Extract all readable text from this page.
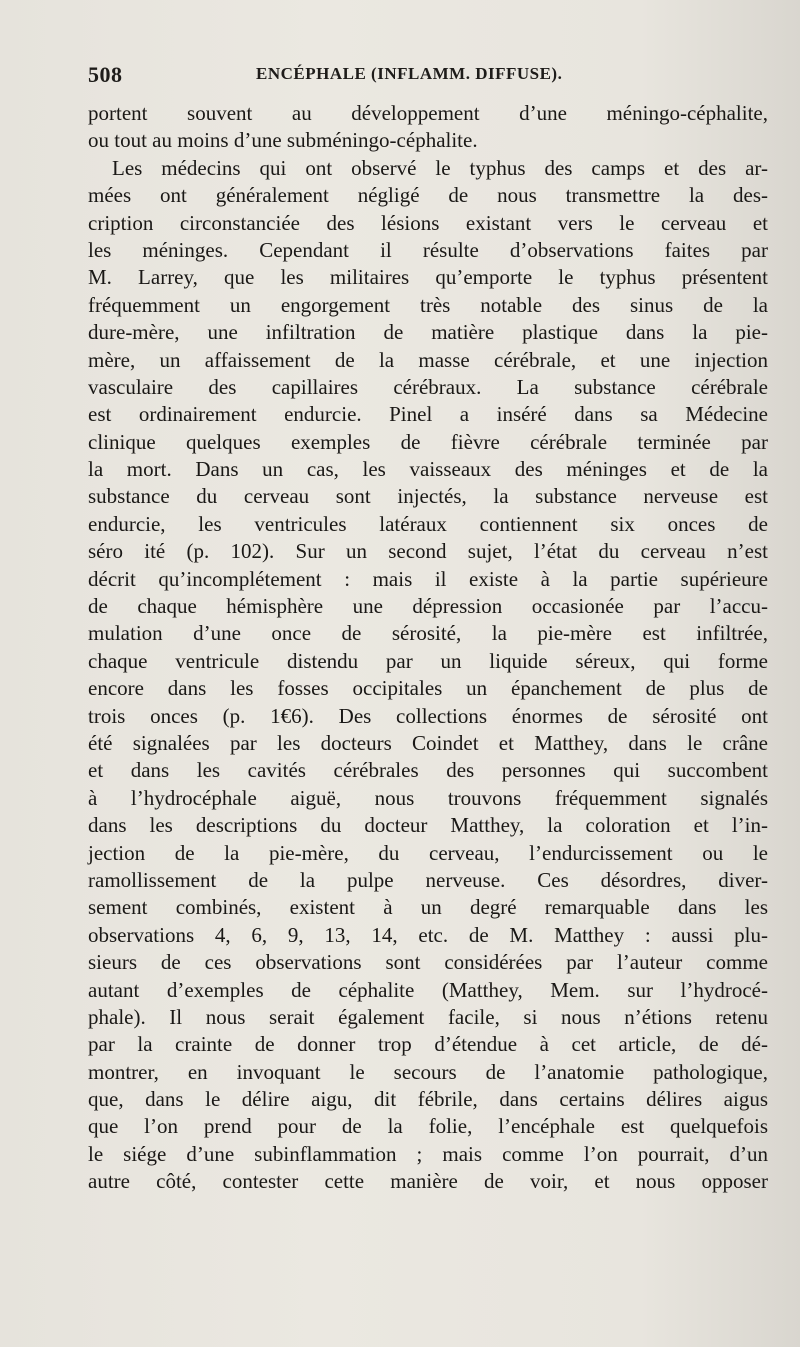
508	ENCÉPHALE (INFLAMM. DIFFUSE).
portent souvent au développement d’une méningo-céphalite,
ou tout au moins d’une subméningo-céphalite.
Les médecins qui ont observé le typhus des camps et des ar-
mées ont généralement négligé de nous transmettre la des-
cription circonstanciée des lésions existant vers le cerveau et
les méninges. Cependant il résulte d’observations faites par
M. Larrey, que les militaires qu’emporte le typhus présentent
fréquemment un engorgement très notable des sinus de la
dure-mère, une infiltration de matière plastique dans la pie-
mère, un affaissement de la masse cérébrale, et une injection
vasculaire des capillaires cérébraux. La substance cérébrale
est ordinairement endurcie. Pinel a inséré dans sa Médecine
clinique quelques exemples de fièvre cérébrale terminée par
la mort. Dans un cas, les vaisseaux des méninges et de la
substance du cerveau sont injectés, la substance nerveuse est
endurcie, les ventricules latéraux contiennent six onces de
séro ité (p. 102). Sur un second sujet, l’état du cerveau n’est
décrit qu’incomplétement : mais il existe à la partie supérieure
de chaque hémisphère une dépression occasionée par l’accu-
mulation d’une once de sérosité, la pie-mère est infiltrée,
chaque ventricule distendu par un liquide séreux, qui forme
encore dans les fosses occipitales un épanchement de plus de
trois onces (p. 1€6). Des collections énormes de sérosité ont
été signalées par les docteurs Coindet et Matthey, dans le crâne
et dans les cavités cérébrales des personnes qui succombent
à l’hydrocéphale aiguë, nous trouvons fréquemment signalés
dans les descriptions du docteur Matthey, la coloration et l’in-
jection de la pie-mère, du cerveau, l’endurcissement ou le
ramollissement de la pulpe nerveuse. Ces désordres, diver-
sement combinés, existent à un degré remarquable dans les
observations 4, 6, 9, 13, 14, etc. de M. Matthey : aussi plu-
sieurs de ces observations sont considérées par l’auteur comme
autant d’exemples de céphalite (Matthey, Mem. sur l’hydrocé-
phale). Il nous serait également facile, si nous n’étions retenu
par la crainte de donner trop d’étendue à cet article, de dé-
montrer, en invoquant le secours de l’anatomie pathologique,
que, dans le délire aigu, dit fébrile, dans certains délires aigus
que l’on prend pour de la folie, l’encéphale est quelquefois
le siége d’une subinflammation ; mais comme l’on pourrait, d’un
autre côté, contester cette manière de voir, et nous opposer
